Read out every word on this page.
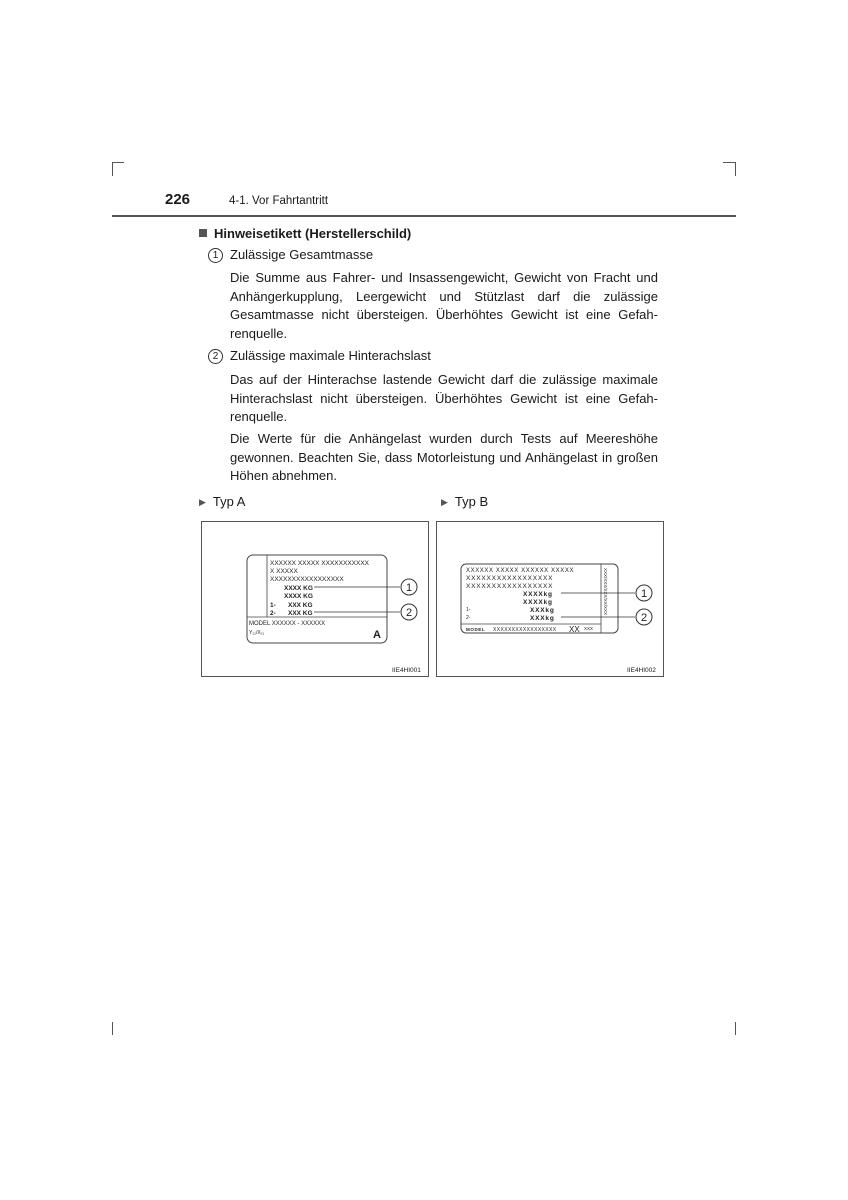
226	4-1. Vor Fahrtantritt
Hinweisetikett (Herstellerschild)
1 Zulässige Gesamtmasse
Die Summe aus Fahrer- und Insassengewicht, Gewicht von Fracht und Anhängerkupplung, Leergewicht und Stützlast darf die zulässige Gesamtmasse nicht übersteigen. Überhöhtes Gewicht ist eine Gefahrenquelle.
2 Zulässige maximale Hinterachslast
Das auf der Hinterachse lastende Gewicht darf die zulässige maximale Hinterachslast nicht übersteigen. Überhöhtes Gewicht ist eine Gefahrenquelle.
Die Werte für die Anhängelast wurden durch Tests auf Meereshöhe gewonnen. Beachten Sie, dass Motorleistung und Anhängelast in großen Höhen abnehmen.
▶ Typ A	▶ Typ B
XXXXXX XXXXX XXXXXXXXXXX
X XXXXX
XXXXXXXXXXXXXXXXX
XXXX KG
XXXX KG
1- XXX KG
2- XXX KG
MODEL XXXXXX - XXXXXX
Y₂₁/X₂₁	A
1
2
IIE4HI001
XXXXXX XXXXX XXXXXX XXXXX
XXXXXXXXXXXXXXXXX
XXXXXXXXXXXXXXXXX
XXXXkg
XXXXkg
1-	XXXkg
2-	XXXkg
MODEL XXXXXXXXXXXXXXXXX XX XXX
XXX/XXX/XXX/XX/XXX	1
2
IIE4HI002
